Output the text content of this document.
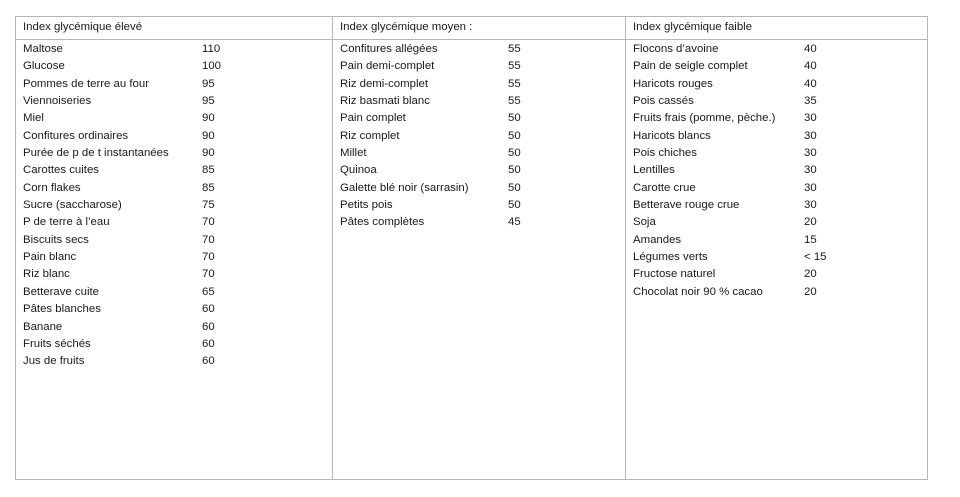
Index glycémique élevé
Maltose	110
Glucose	100
Pommes de terre au four	95
Viennoiseries	95
Miel	90
Confitures ordinaires	90
Purée de p de t instantanées	90
Carottes cuites	85
Corn flakes	85
Sucre (saccharose)	75
P de terre à l’eau	70
Biscuits secs	70
Pain blanc	70
Riz blanc	70
Betterave cuite	65
Pâtes blanches	60
Banane	60
Fruits séchés	60
Jus de fruits	60
Index glycémique moyen :
Confitures allégées	55
Pain demi-complet	55
Riz demi-complet	55
Riz basmati blanc	55
Pain complet	50
Riz complet	50
Millet	50
Quinoa	50
Galette blé noir (sarrasin)	50
Petits pois	50
Pâtes complètes	45
Index glycémique faible
Flocons d’avoine	40
Pain de seigle complet	40
Haricots rouges	40
Pois cassés	35
Fruits frais (pomme, pèche.)	30
Haricots blancs	30
Pois chiches	30
Lentilles	30
Carotte crue	30
Betterave rouge crue	30
Soja	20
Amandes	15
Légumes verts	< 15
Fructose naturel	20
Chocolat noir 90 % cacao	20
